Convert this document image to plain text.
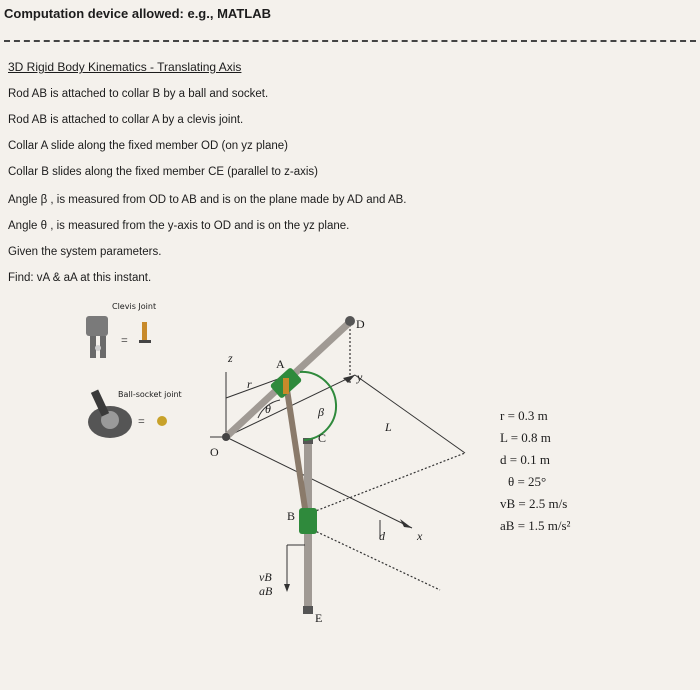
Computation device allowed: e.g., MATLAB
3D Rigid Body Kinematics - Translating Axis
Rod AB is attached to collar B by a ball and socket.
Rod AB is attached to collar A by a clevis joint.
Collar A slide along the fixed member OD (on yz plane)
Collar B slides along the fixed member CE (parallel to z-axis)
Angle β , is measured from OD to AB and is on the plane made by AD and AB.
Angle θ , is measured from the y-axis to OD and is on the yz plane.
Given the system parameters.
Find: vA & aA at this instant.
Clevis Joint
Ball-socket joint
=
=
D
A
B
C
E
O
z
y
x
r
L
d
θ	β
vB
aB
r = 0.3 m
L = 0.8 m
d = 0.1 m
θ = 25°
vB = 2.5 m/s
aB = 1.5 m/s²
